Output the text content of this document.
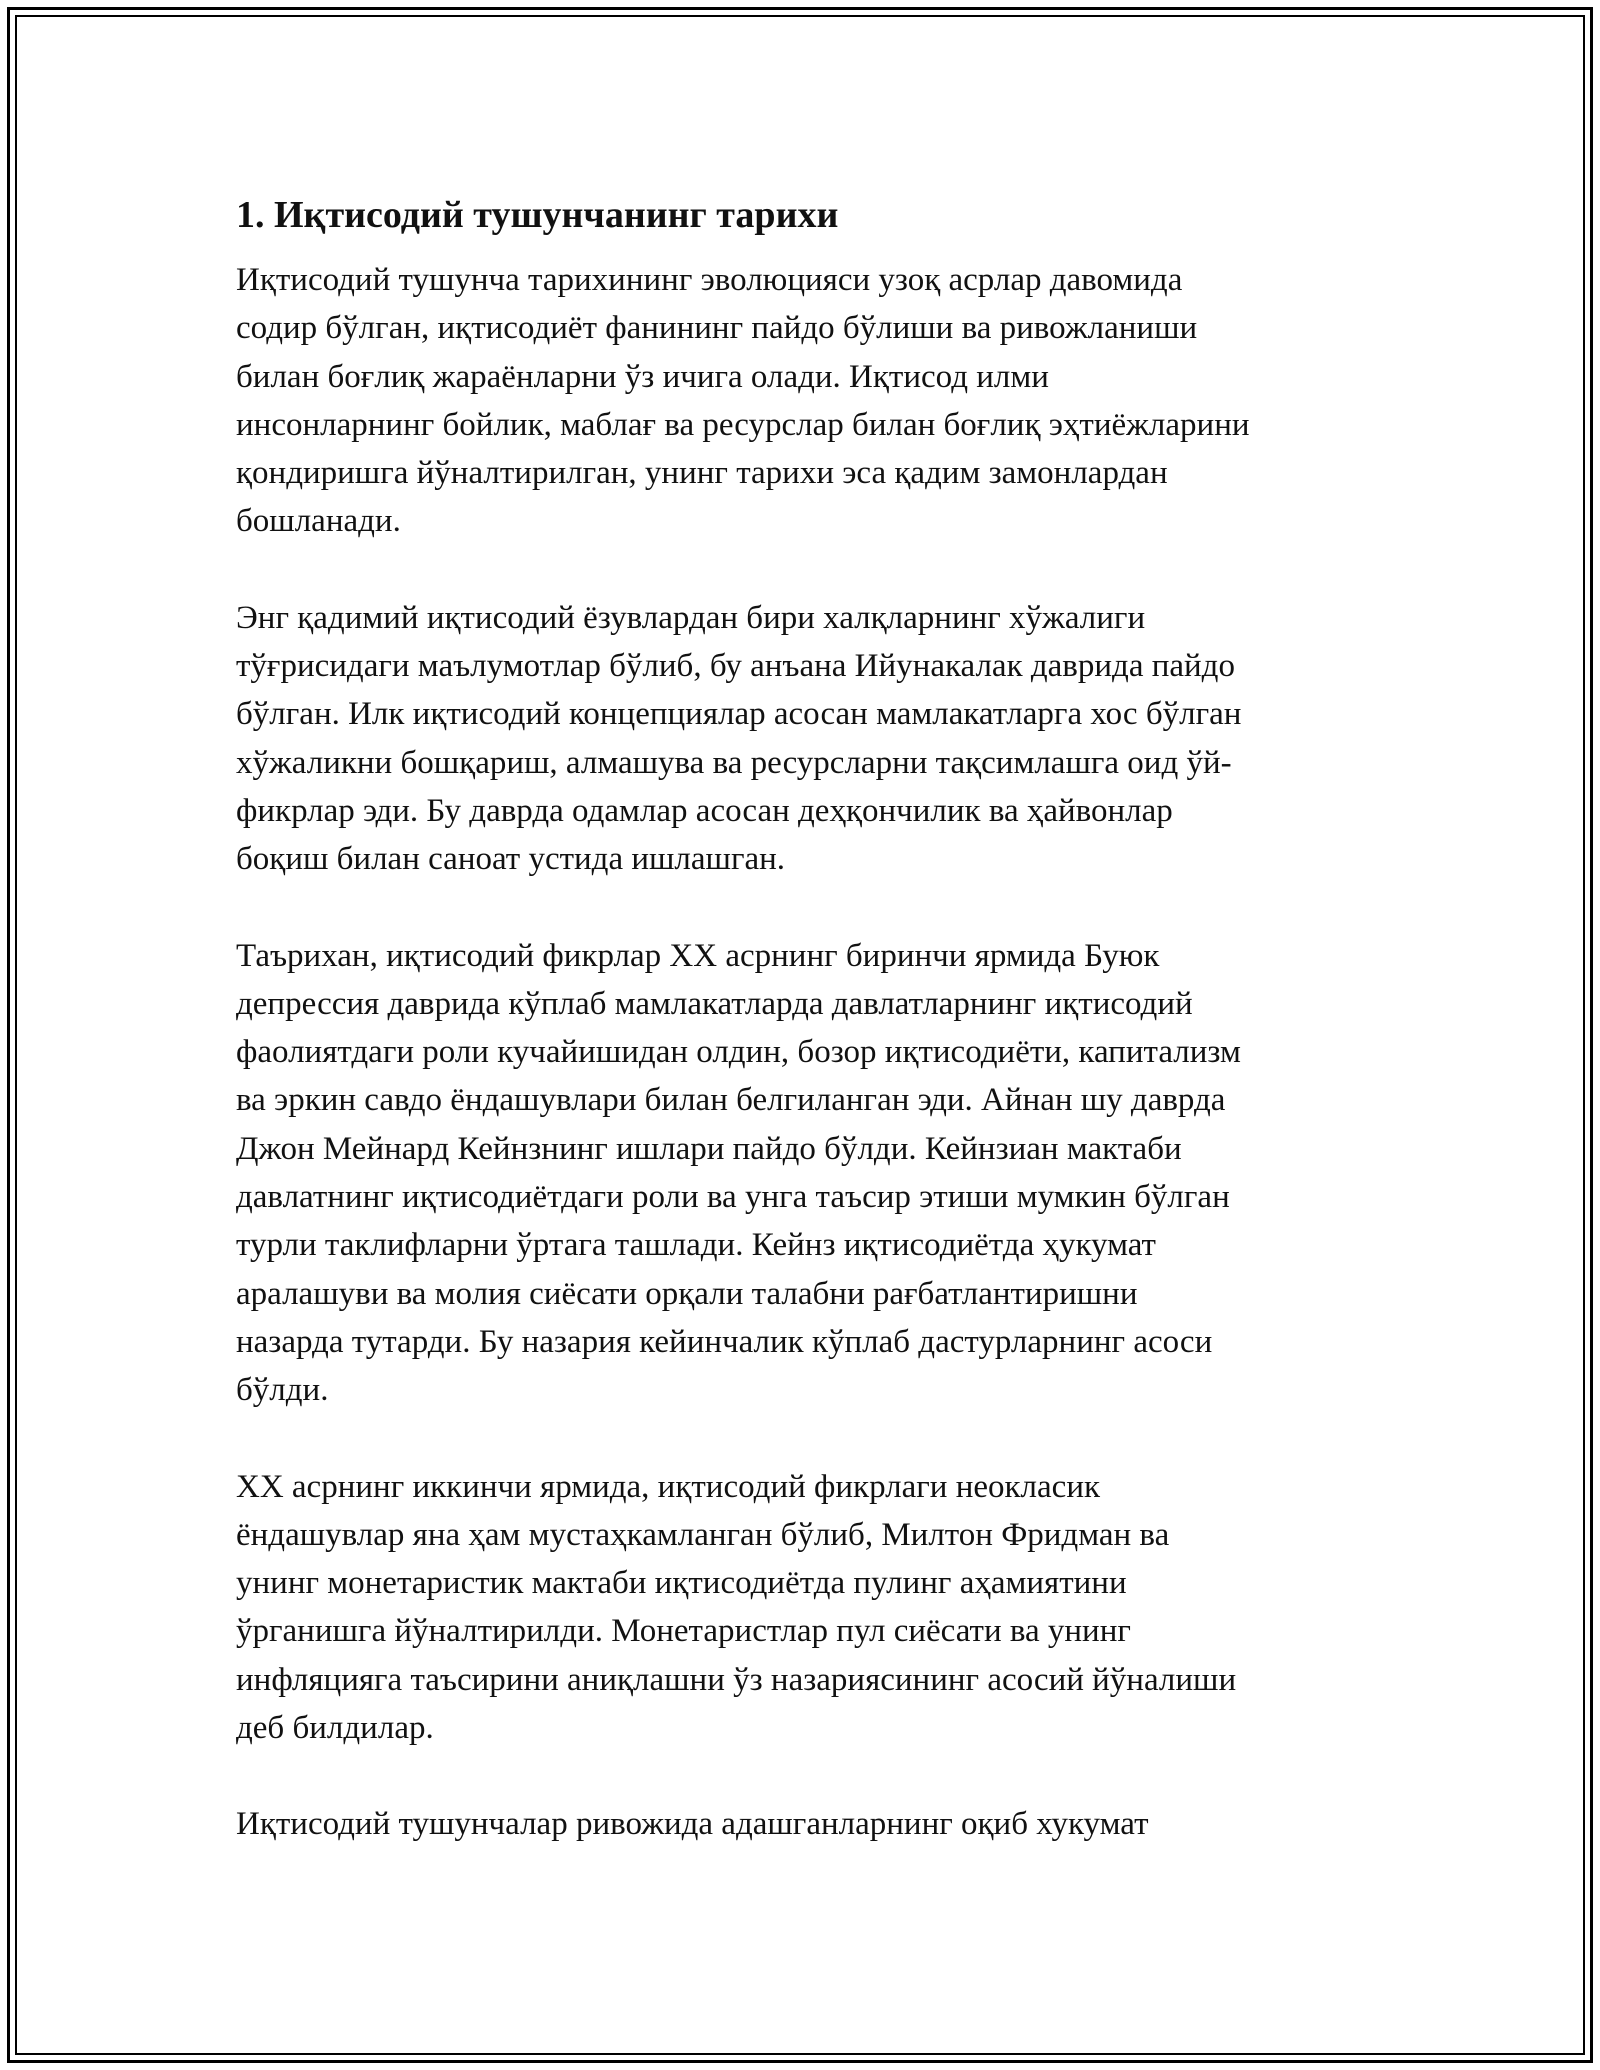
1. Иқтисодий тушунчанинг тарихи

Иқтисодий тушунча тарихининг эволюцияси узоқ асрлар давомида
содир бўлган, иқтисодиёт фанининг пайдо бўлиши ва ривожланиши
билан боғлиқ жараёнларни ўз ичига олади. Иқтисод илми
инсонларнинг бойлик, маблағ ва ресурслар билан боғлиқ эҳтиёжларини
қондиришга йўналтирилган, унинг тарихи эса қадим замонлардан
бошланади.

Энг қадимий иқтисодий ёзувлардан бири халқларнинг хўжалиги
тўғрисидаги маълумотлар бўлиб, бу анъана Ийунакалак даврида пайдо
бўлган. Илк иқтисодий концепциялар асосан мамлакатларга хос бўлган
хўжаликни бошқариш, алмашува ва ресурсларни тақсимлашга оид ўй-
фикрлар эди. Бу даврда одамлар асосан деҳқончилик ва ҳайвонлар
боқиш билан саноат устида ишлашган.

Таърихан, иқтисодий фикрлар XX асрнинг биринчи ярмида Буюк
депрессия даврида кўплаб мамлакатларда давлатларнинг иқтисодий
фаолиятдаги роли кучайишидан олдин, бозор иқтисодиёти, капитализм
ва эркин савдо ёндашувлари билан белгиланган эди. Айнан шу даврда
Джон Мейнард Кейнзнинг ишлари пайдо бўлди. Кейнзиан мактаби
давлатнинг иқтисодиётдаги роли ва унга таъсир этиши мумкин бўлган
турли таклифларни ўртага ташлади. Кейнз иқтисодиётда ҳукумат
аралашуви ва молия сиёсати орқали талабни рағбатлантиришни
назарда тутарди. Бу назария кейинчалик кўплаб дастурларнинг асоси
бўлди.

XX асрнинг иккинчи ярмида, иқтисодий фикрлаги неокласик
ёндашувлар яна ҳам мустаҳкамланган бўлиб, Милтон Фридман ва
унинг монетаристик мактаби иқтисодиётда пулинг аҳамиятини
ўрганишга йўналтирилди. Монетаристлар пул сиёсати ва унинг
инфляцияга таъсирини аниқлашни ўз назариясининг асосий йўналиши
деб билдилар.

Иқтисодий тушунчалар ривожида адашганларнинг оқиб хукумат
